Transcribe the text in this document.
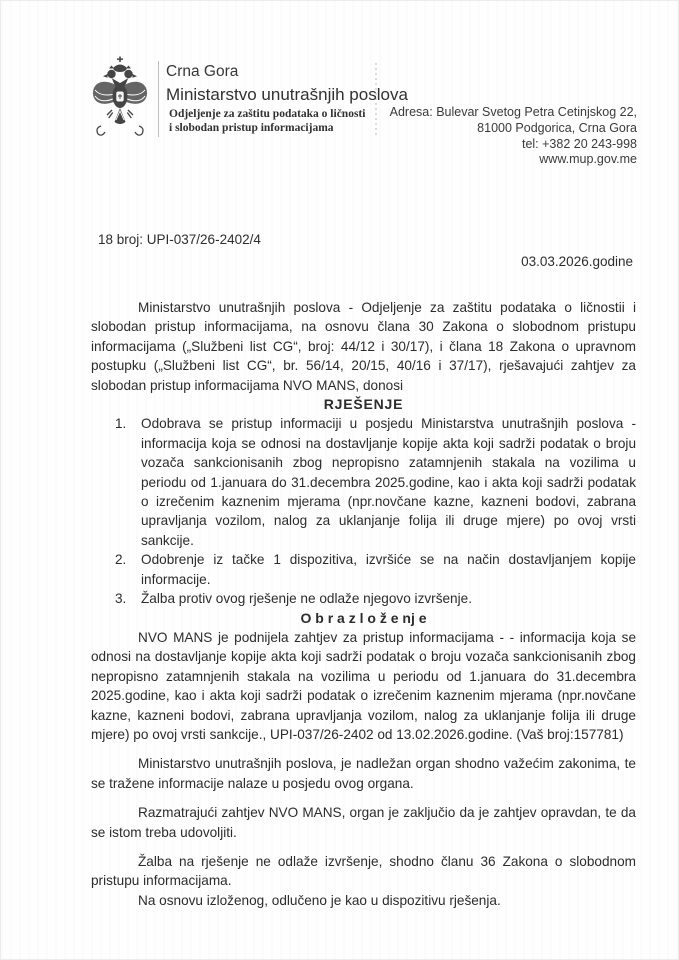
Crna Gora
Ministarstvo unutrašnjih poslova
Odjeljenje za zaštitu podataka o ličnosti
i slobodan pristup informacijama
Adresa: Bulevar Svetog Petra Cetinjskog 22,
81000 Podgorica, Crna Gora
tel: +382 20 243-998
www.mup.gov.me
18 broj: UPI-037/26-2402/4
03.03.2026.godine

Ministarstvo unutrašnjih poslova - Odjeljenje za zaštitu podataka o ličnostii i slobodan pristup informacijama, na osnovu člana 30 Zakona o slobodnom pristupu informacijama („Službeni list CG“, broj: 44/12 i 30/17), i člana 18 Zakona o upravnom postupku („Službeni list CG“, br. 56/14, 20/15, 40/16 i 37/17), rješavajući zahtjev za slobodan pristup informacijama NVO MANS, donosi

RJEŠENJE

1.	Odobrava se pristup informaciji u posjedu Ministarstva unutrašnjih poslova - informacija koja se odnosi na dostavljanje kopije akta koji sadrži podatak o broju vozača sankcionisanih zbog nepropisno zatamnjenih stakala na vozilima u periodu od 1.januara do 31.decembra 2025.godine, kao i akta koji sadrži podatak o izrečenim kaznenim mjerama (npr.novčane kazne, kazneni bodovi, zabrana upravljanja vozilom, nalog za uklanjanje folija ili druge mjere) po ovoj vrsti sankcije.
2.	Odobrenje iz tačke 1 dispozitiva, izvršiće se na način dostavljanjem kopije informacije.
3.	Žalba protiv ovog rješenje ne odlaže njegovo izvršenje.

O b r a z l o ž e nj e

NVO MANS je podnijela zahtjev za pristup informacijama - - informacija koja se odnosi na dostavljanje kopije akta koji sadrži podatak o broju vozača sankcionisanih zbog nepropisno zatamnjenih stakala na vozilima u periodu od 1.januara do 31.decembra 2025.godine, kao i akta koji sadrži podatak o izrečenim kaznenim mjerama (npr.novčane kazne, kazneni bodovi, zabrana upravljanja vozilom, nalog za uklanjanje folija ili druge mjere) po ovoj vrsti sankcije., UPI-037/26-2402 od 13.02.2026.godine. (Vaš broj:157781)

Ministarstvo unutrašnjih poslova, je nadležan organ shodno važećim zakonima, te se tražene informacije nalaze u posjedu ovog organa.

Razmatrajući zahtjev NVO MANS, organ je zaključio da je zahtjev opravdan, te da se istom treba udovoljiti.

Žalba na rješenje ne odlaže izvršenje, shodno članu 36 Zakona o slobodnom pristupu informacijama.

Na osnovu izloženog, odlučeno je kao u dispozitivu rješenja.
